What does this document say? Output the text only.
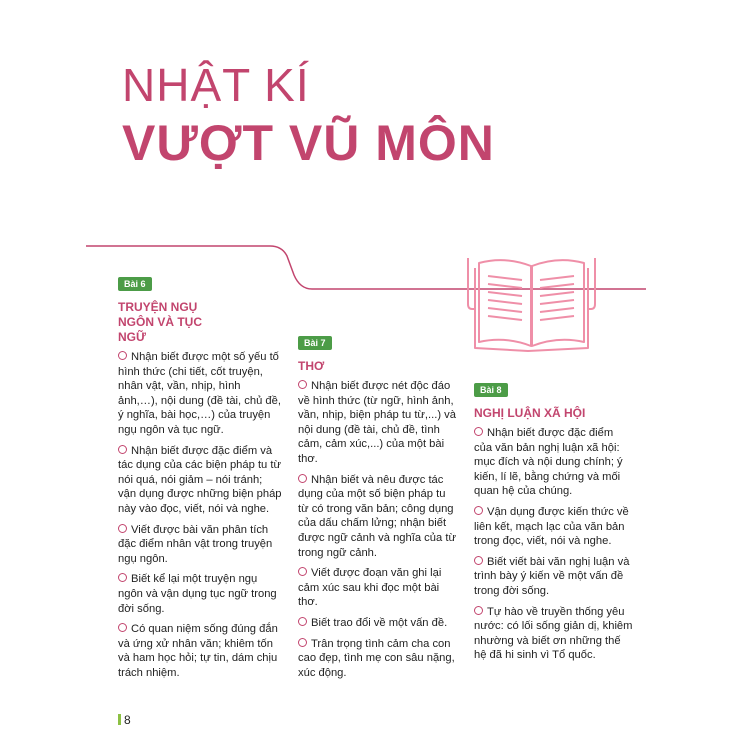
NHẬT KÍ
VƯỢT VŨ MÔN
Bài 6
TRUYỆN NGỤ NGÔN VÀ TỤC NGỮ
Nhận biết được một số yếu tố hình thức (chi tiết, cốt truyện, nhân vật, vần, nhịp, hình ảnh,…), nội dung (đề tài, chủ đề, ý nghĩa, bài học,…) của truyện ngụ ngôn và tục ngữ.
Nhận biết được đặc điểm và tác dụng của các biện pháp tu từ nói quá, nói giảm – nói tránh; vận dụng được những biện pháp này vào đọc, viết, nói và nghe.
Viết được bài văn phân tích đặc điểm nhân vật trong truyện ngụ ngôn.
Biết kể lại một truyện ngụ ngôn và vận dụng tục ngữ trong đời sống.
Có quan niệm sống đúng đắn và ứng xử nhân văn; khiêm tốn và ham học hỏi; tự tin, dám chịu trách nhiệm.
Bài 7
THƠ
Nhận biết được nét độc đáo về hình thức (từ ngữ, hình ảnh, vần, nhịp, biện pháp tu từ,...) và nội dung (đề tài, chủ đề, tình cảm, cảm xúc,...) của một bài thơ.
Nhận biết và nêu được tác dụng của một số biện pháp tu từ có trong văn bản; công dụng của dấu chấm lửng; nhận biết được ngữ cảnh và nghĩa của từ trong ngữ cảnh.
Viết được đoạn văn ghi lại cảm xúc sau khi đọc một bài thơ.
Biết trao đổi về một vấn đề.
Trân trọng tình cảm cha con cao đẹp, tình mẹ con sâu nặng, xúc động.
Bài 8
NGHỊ LUẬN XÃ HỘI
Nhận biết được đặc điểm của văn bản nghị luận xã hội: mục đích và nội dung chính; ý kiến, lí lẽ, bằng chứng và mối quan hệ của chúng.
Vận dụng được kiến thức về liên kết, mạch lạc của văn bản trong đọc, viết, nói và nghe.
Biết viết bài văn nghị luận và trình bày ý kiến về một vấn đề trong đời sống.
Tự hào về truyền thống yêu nước: có lối sống giản dị, khiêm nhường và biết ơn những thế hệ đã hi sinh vì Tổ quốc.
8
